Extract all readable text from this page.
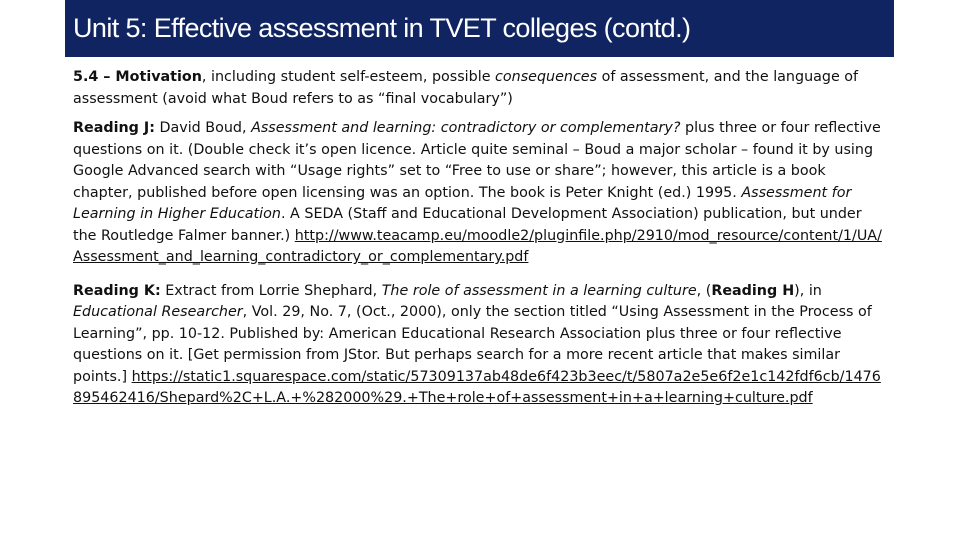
Unit 5: Effective assessment in TVET colleges (contd.)

5.4 – Motivation, including student self-esteem, possible consequences of assessment, and the language of assessment (avoid what Boud refers to as “final vocabulary”)

Reading J: David Boud, Assessment and learning: contradictory or complementary? plus three or four reflective questions on it. (Double check it’s open licence. Article quite seminal – Boud a major scholar – found it by using Google Advanced search with “Usage rights” set to “Free to use or share”; however, this article is a book chapter, published before open licensing was an option. The book is Peter Knight (ed.) 1995. Assessment for Learning in Higher Education. A SEDA (Staff and Educational Development Association) publication, but under the Routledge Falmer banner.) http://www.teacamp.eu/moodle2/pluginfile.php/2910/mod_resource/content/1/UA/Assessment_and_learning_contradictory_or_complementary.pdf

Reading K: Extract from Lorrie Shephard, The role of assessment in a learning culture, (Reading H), in Educational Researcher, Vol. 29, No. 7, (Oct., 2000), only the section titled “Using Assessment in the Process of Learning”, pp. 10-12. Published by: American Educational Research Association plus three or four reflective questions on it. [Get permission from JStor. But perhaps search for a more recent article that makes similar points.] https://static1.squarespace.com/static/57309137ab48de6f423b3eec/t/5807a2e5e6f2e1c142fdf6cb/1476895462416/Shepard%2C+L.A.+%282000%29.+The+role+of+assessment+in+a+learning+culture.pdf
